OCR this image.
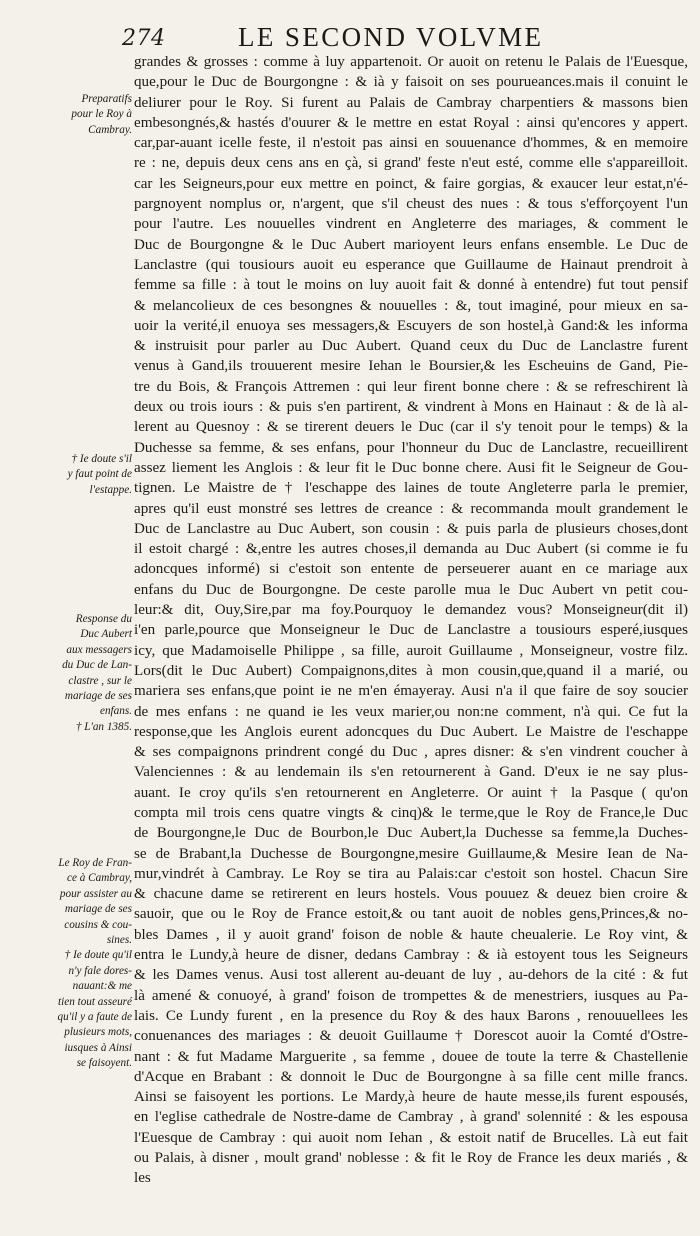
274	LE SECOND VOLVME
Preparatifs
pour le Roy à
Cambray.
† Ie doute s'il
y faut point de
l'estappe.
Response du
Duc Aubert
aux messagers
du Duc de Lan-
clastre , sur le
mariage de ses
enfans.
† L'an 1385.
Le Roy de Fran-
ce à Cambray,
pour assister au
mariage de ses
cousins & cou-
sines.
† Ie doute qu'il
n'y fale dores-
nauant:& me
tien tout asseuré
qu'il y a faute de
plusieurs mots,
iusques à Ainsi
se faisoyent.
grandes & grosses : comme à luy appartenoit. Or auoit on retenu le Palais de l'Euesque,
que,pour le Duc de Bourgongne : & ià y faisoit on ses pourueances.mais il conuint le
deliurer pour le Roy. Si furent au Palais de Cambray charpentiers & massons bien
embesongnés,& hastés d'ouurer & le mettre en estat Royal : ainsi qu'encores y appert.
car,par-auant icelle feste, il n'estoit pas ainsi en souuenance d'hommes, & en memoire
re : ne, depuis deux cens ans en çà, si grand' feste n'eut esté, comme elle s'appareilloit.
car les Seigneurs,pour eux mettre en poinct, & faire gorgias, & exaucer leur estat,n'é-
pargnoyent nomplus or, n'argent, que s'il cheust des nues : & tous s'efforçoyent l'un
pour l'autre. Les nouuelles vindrent en Angleterre des mariages, & comment le
Duc de Bourgongne & le Duc Aubert marioyent leurs enfans ensemble. Le Duc de
Lanclastre (qui tousiours auoit eu esperance que Guillaume de Hainaut prendroit à
femme sa fille : à tout le moins on luy auoit fait & donné à entendre) fut tout pensif
& melancolieux de ces besongnes & nouuelles : &, tout imaginé, pour mieux en sa-
uoir la verité,il enuoya ses messagers,& Escuyers de son hostel,à Gand:& les informa
& instruisit pour parler au Duc Aubert. Quand ceux du Duc de Lanclastre furent
venus à Gand,ils trouuerent mesire Iehan le Boursier,& les Escheuins de Gand, Pie-
tre du Bois, & François Attremen : qui leur firent bonne chere : & se refreschirent là
deux ou trois iours : & puis s'en partirent, & vindrent à Mons en Hainaut : & de là al-
lerent au Quesnoy : & se tirerent deuers le Duc (car il s'y tenoit pour le temps) & la
Duchesse sa femme, & ses enfans, pour l'honneur du Duc de Lanclastre, recueillirent
assez liement les Anglois : & leur fit le Duc bonne chere. Ausi fit le Seigneur de Gou-
tignen. Le Maistre de † l'eschappe des laines de toute Angleterre parla le premier,
apres qu'il eust monstré ses lettres de creance : & recommanda moult grandement le
Duc de Lanclastre au Duc Aubert, son cousin : & puis parla de plusieurs choses,dont
il estoit chargé : &,entre les autres choses,il demanda au Duc Aubert (si comme ie fu
adoncques informé) si c'estoit son entente de perseuerer auant en ce mariage aux
enfans du Duc de Bourgongne. De ceste parolle mua le Duc Aubert vn petit cou-
leur:& dit, Ouy,Sire,par ma foy.Pourquoy le demandez vous? Monseigneur(dit il)
i'en parle,pource que Monseigneur le Duc de Lanclastre a tousiours esperé,iusques
icy, que Madamoiselle Philippe , sa fille, auroit Guillaume , Monseigneur, vostre filz.
Lors(dit le Duc Aubert) Compaignons,dites à mon cousin,que,quand il a marié, ou
mariera ses enfans,que point ie ne m'en émayeray. Ausi n'a il que faire de soy soucier
de mes enfans : ne quand ie les veux marier,ou non:ne comment, n'à qui. Ce fut la
response,que les Anglois eurent adoncques du Duc Aubert. Le Maistre de l'eschappe
& ses compaignons prindrent congé du Duc , apres disner: & s'en vindrent coucher à
Valenciennes : & au lendemain ils s'en retournerent à Gand. D'eux ie ne say plus-
auant. Ie croy qu'ils s'en retournerent en Angleterre. Or auint † la Pasque ( qu'on
compta mil trois cens quatre vingts & cinq)& le terme,que le Roy de France,le Duc
de Bourgongne,le Duc de Bourbon,le Duc Aubert,la Duchesse sa femme,la Duches-
se de Brabant,la Duchesse de Bourgongne,mesire Guillaume,& Mesire Iean de Na-
mur,vindrét à Cambray. Le Roy se tira au Palais:car c'estoit son hostel. Chacun Sire
& chacune dame se retirerent en leurs hostels. Vous pouuez & deuez bien croire &
sauoir, que ou le Roy de France estoit,& ou tant auoit de nobles gens,Princes,& no-
bles Dames , il y auoit grand' foison de noble & haute cheualerie. Le Roy vint, &
entra le Lundy,à heure de disner, dedans Cambray : & ià estoyent tous les Seigneurs
& les Dames venus. Ausi tost allerent au-deuant de luy , au-dehors de la cité : & fut
là amené & conuoyé, à grand' foison de trompettes & de menestriers, iusques au Pa-
lais. Ce Lundy furent , en la presence du Roy & des haux Barons , renouuellees les
conuenances des mariages : & deuoit Guillaume † Dorescot auoir la Comté d'Ostre-
nant : & fut Madame Marguerite , sa femme , douee de toute la terre & Chastellenie
d'Acque en Brabant : & donnoit le Duc de Bourgongne à sa fille cent mille francs.
Ainsi se faisoyent les portions. Le Mardy,à heure de haute messe,ils furent espousés,
en l'eglise cathedrale de Nostre-dame de Cambray , à grand' solennité : & les espousa
l'Euesque de Cambray : qui auoit nom Iehan , & estoit natif de Brucelles. Là eut fait
ou Palais, à disner , moult grand' noblesse : & fit le Roy de France les deux mariés , &
les
